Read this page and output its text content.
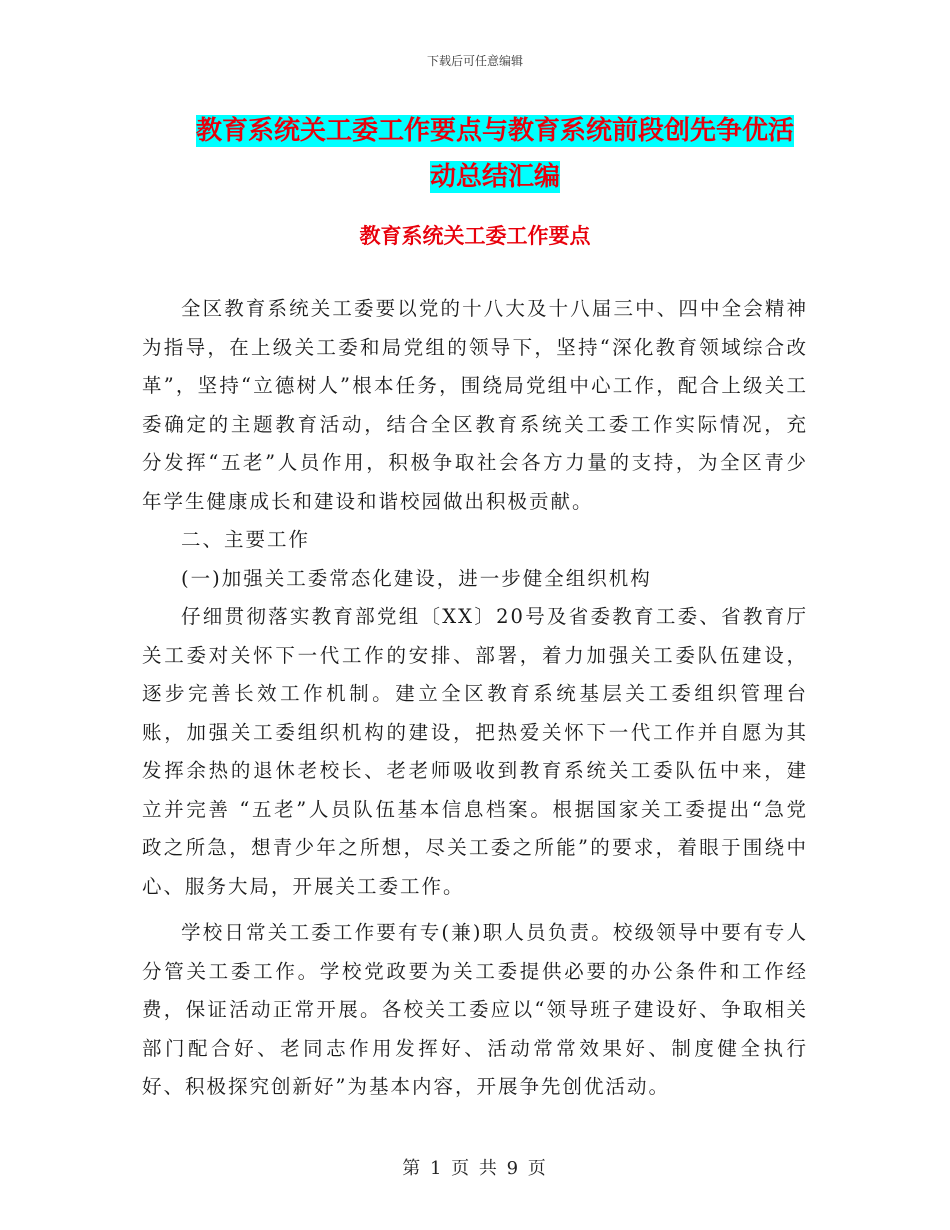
下载后可任意编辑
教育系统关工委工作要点与教育系统前段创先争优活
动总结汇编
教育系统关工委工作要点

全区教育系统关工委要以党的十八大及十八届三中、四中全会精神为指导，在上级关工委和局党组的领导下，坚持“深化教育领域综合改革”，坚持“立德树人”根本任务，围绕局党组中心工作，配合上级关工委确定的主题教育活动，结合全区教育系统关工委工作实际情况，充分发挥“五老”人员作用，积极争取社会各方力量的支持，为全区青少年学生健康成长和建设和谐校园做出积极贡献。

二、主要工作

(一)加强关工委常态化建设，进一步健全组织机构

仔细贯彻落实教育部党组〔XX〕20号及省委教育工委、省教育厅关工委对关怀下一代工作的安排、部署，着力加强关工委队伍建设，逐步完善长效工作机制。建立全区教育系统基层关工委组织管理台账，加强关工委组织机构的建设，把热爱关怀下一代工作并自愿为其发挥余热的退休老校长、老老师吸收到教育系统关工委队伍中来，建立并完善 “五老”人员队伍基本信息档案。根据国家关工委提出“急党政之所急，想青少年之所想，尽关工委之所能”的要求，着眼于围绕中心、服务大局，开展关工委工作。

学校日常关工委工作要有专(兼)职人员负责。校级领导中要有专人分管关工委工作。学校党政要为关工委提供必要的办公条件和工作经费，保证活动正常开展。各校关工委应以“领导班子建设好、争取相关部门配合好、老同志作用发挥好、活动常常效果好、制度健全执行好、积极探究创新好”为基本内容，开展争先创优活动。

第 1 页 共 9 页
